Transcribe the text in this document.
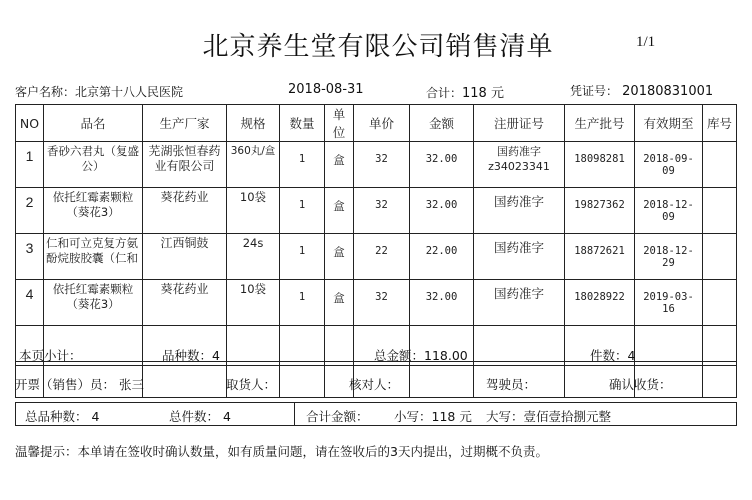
北京养生堂有限公司销售清单	1/1
客户名称：北京第十八人民医院	2018-08-31	合计：118 元	凭证号： 20180831001
NO	品名	生产厂家	规格	数量	单位	单价	金额	注册证号	生产批号	有效期至	库号
1	香砂六君丸（复盛公）	芜湖张恒春药业有限公司	360丸/盒	1	盒	32	32.00	国药准字z34023341	18098281	2018-09-09	
2	依托红霉素颗粒（葵花3）	葵花药业	10袋	1	盒	32	32.00	国药准字	19827362	2018-12-09	
3	仁和可立克复方氨酚烷胺胶囊（仁和	江西铜鼓	24s	1	盒	22	22.00	国药准字	18872621	2018-12-29	
4	依托红霉素颗粒（葵花3）	葵花药业	10袋	1	盒	32	32.00	国药准字	18028922	2019-03-16	

本页小计：	品种数：4	总金额：118.00	件数：4
开票（销售）员： 张三	取货人：	核对人：	驾驶员：	确认收货：
总品种数： 4	总件数： 4	合计金额： 小写：118 元 大写：壹佰壹拾捌元整
温馨提示：本单请在签收时确认数量，如有质量问题，请在签收后的3天内提出，过期概不负责。
